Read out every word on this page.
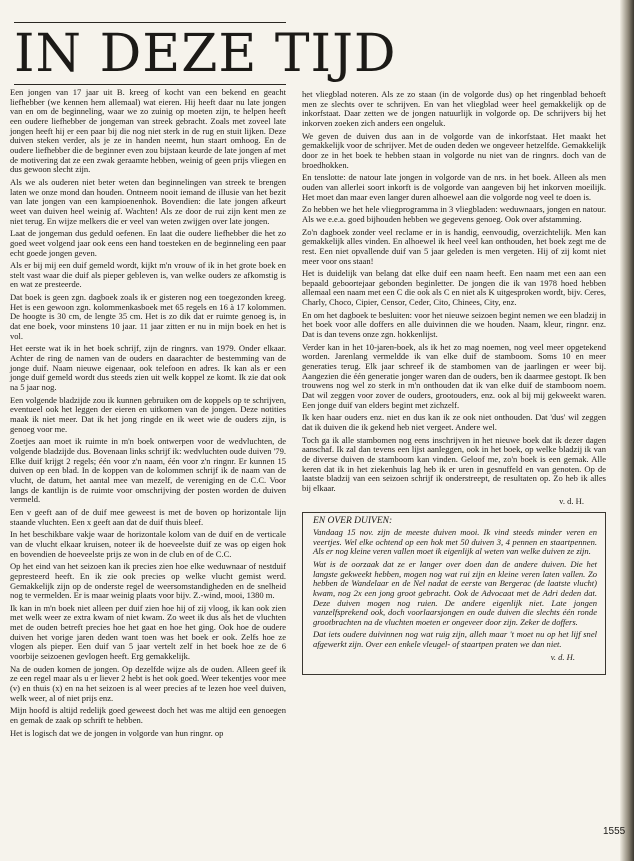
IN DEZE TIJD

Een jongen van 17 jaar uit B. kreeg of kocht van een bekend en geacht liefhebber (we kennen hem allemaal) wat eieren. Hij heeft daar nu late jongen van en om de beginneling, waar we zo zuinig op moeten zijn, te helpen heeft een oudere liefhebber de jongeman van streek gebracht. Zoals met zoveel late jongen heeft hij er een paar bij die nog niet sterk in de rug en stuit lijken. Deze duiven steken verder, als je ze in handen neemt, hun staart omhoog. En de oudere liefhebber die de beginner even zou bijstaan keurde de late jongen af met de motivering dat ze een zwak geraamte hebben, weinig of geen prijs vliegen en dus gewoon slecht zijn.

Als we als ouderen niet beter weten dan beginnelingen van streek te brengen laten we onze mond dan houden. Ontneem nooit iemand de illusie van het bezit van late jongen van een kampioenenhok. Bovendien: die late jongen afkeurt weet van duiven heel weinig af. Wachten! Als ze door de rui zijn kent men ze niet terug. En wijze melkers die er veel van weten zwijgen over late jongen.

Laat de jongeman dus geduld oefenen. En laat die oudere liefhebber die het zo goed weet volgend jaar ook eens een hand toesteken en de beginneling een paar echt goede jongen geven.

Als er bij mij een duif gemeld wordt, kijkt m'n vrouw of ik in het grote boek en stelt vast waar die duif als pieper gebleven is, van welke ouders ze afkomstig is en wat ze presteerde.

Dat boek is geen zgn. dagboek zoals ik er gisteren nog een toegezonden kreeg. Het is een gewoon zgn. kolommenkasboek met 65 regels en 16 à 17 kolommen. De hoogte is 30 cm, de lengte 35 cm. Het is zo dik dat er ruimte genoeg is, in dat ene boek, voor minstens 10 jaar. 11 jaar zitten er nu in mijn boek en het is vol.

Het eerste wat ik in het boek schrijf, zijn de ringnrs. van 1979. Onder elkaar. Achter de ring de namen van de ouders en daarachter de bestemming van de jonge duif. Naam nieuwe eigenaar, ook telefoon en adres. Ik kan als er een jonge duif gemeld wordt dus steeds zien uit welk koppel ze komt. Ik zie dat ook na 5 jaar nog.

Een volgende bladzijde zou ik kunnen gebruiken om de koppels op te schrijven, eventueel ook het leggen der eieren en uitkomen van de jongen. Deze notities maak ik niet meer. Dat ik het jong ringde en ik weet wie de ouders zijn, is genoeg voor me.

Zoetjes aan moet ik ruimte in m'n boek ontwerpen voor de wedvluchten, de volgende bladzijde dus. Bovenaan links schrijf ik: wedvluchten oude duiven '79. Elke duif krijgt 2 regels; één voor z'n naam, één voor z'n ringnr. Er kunnen 15 duiven op een blad. In de koppen van de kolommen schrijf ik de naam van de vlucht, de datum, het aantal mee van mezelf, de vereniging en de C.C. Voor langs de kantlijn is de ruimte voor omschrijving der posten worden de duiven vermeld.

Een v geeft aan of de duif mee geweest is met de boven op horizontale lijn staande vluchten. Een x geeft aan dat de duif thuis bleef.

In het beschikbare vakje waar de horizontale kolom van de duif en de verticale van de vlucht elkaar kruisen, noteer ik de hoeveelste duif ze was op eigen hok en bovendien de hoeveelste prijs ze won in de club en of de C.C.

Op het eind van het seizoen kan ik precies zien hoe elke weduwnaar of nestduif gepresteerd heeft. En ik zie ook precies op welke vlucht gemist werd. Gemakkelijk zijn op de onderste regel de weersomstandigheden en de snelheid nog te vermelden. Er is maar weinig plaats voor bijv. Z.-wind, mooi, 1380 m.

Ik kan in m'n boek niet alleen per duif zien hoe hij of zij vloog, ik kan ook zien met welk weer ze extra kwam of niet kwam. Zo weet ik dus als het de vluchten met de ouden betreft precies hoe het gaat en hoe het ging. Ook hoe de oudere duiven het vorige jaren deden want toen was het boek er ook. Zelfs hoe ze vlogen als pieper. Een duif van 5 jaar vertelt zelf in het boek hoe ze de 6 voorbije seizoenen gevlogen heeft. Erg gemakkelijk.

Na de ouden komen de jongen. Op dezelfde wijze als de ouden. Alleen geef ik ze een regel maar als u er liever 2 hebt is het ook goed. Weer tekentjes voor mee (v) en thuis (x) en na het seizoen is al weer precies af te lezen hoe veel duiven, welk weer, al of niet prijs enz.

Mijn hoofd is altijd redelijk goed geweest doch het was me altijd een genoegen en gemak de zaak op schrift te hebben.

Het is logisch dat we de jongen in volgorde van hun ringnr. op

het vliegblad noteren. Als ze zo staan (in de volgorde dus) op het ringenblad behoeft men ze slechts over te schrijven. En van het vliegblad weer heel gemakkelijk op de inkorfstaat. Daar zetten we de jongen natuurlijk in volgorde op. De schrijvers bij het inkorven zoeken zich anders een ongeluk.

We geven de duiven dus aan in de volgorde van de inkorfstaat. Het maakt het gemakkelijk voor de schrijver. Met de ouden deden we ongeveer hetzelfde. Gemakkelijk door ze in het boek te hebben staan in volgorde nu niet van de ringnrs. doch van de broedhokken.

En tenslotte: de natour late jongen in volgorde van de nrs. in het boek. Alleen als men ouden van allerlei soort inkorft is de volgorde van aangeven bij het inkorven moeilijk. Het moet dan maar even langer duren alhoewel aan die volgorde nog veel te doen is.

Zo hebben we het hele vliegprogramma in 3 vliegbladen: weduwnaars, jongen en natour. Als we e.e.a. goed bijhouden hebben we gegevens genoeg. Ook over afstamming.

Zo'n dagboek zonder veel reclame er in is handig, eenvoudig, overzichtelijk. Men kan gemakkelijk alles vinden. En alhoewel ik heel veel kan onthouden, het boek zegt me de rest. Een niet opvallende duif van 5 jaar geleden is men vergeten. Hij of zij komt niet meer voor ons staan!

Het is duidelijk van belang dat elke duif een naam heeft. Een naam met een aan een bepaald geboortejaar gebonden beginletter. De jongen die ik van 1978 hoed hebben allemaal een naam met een C die ook als C en niet als K uitgesproken wordt, bijv. Ceres, Charly, Choco, Cipier, Censor, Ceder, Cito, Chinees, City, enz.

En om het dagboek te besluiten: voor het nieuwe seizoen begint nemen we een bladzij in het boek voor alle doffers en alle duivinnen die we houden. Naam, kleur, ringnr. enz. Dat is dan tevens onze zgn. hokkenlijst.

Verder kan in het 10-jaren-boek, als ik het zo mag noemen, nog veel meer opgetekend worden. Jarenlang vermeldde ik van elke duif de stamboom. Soms 10 en meer generaties terug. Elk jaar schreef ik de stambomen van de jaarlingen er weer bij. Aangezien die één generatie jonger waren dan de ouders, ben ik daarmee gestopt. Ik ben trouwens nog wel zo sterk in m'n onthouden dat ik van elke duif de stamboom noem. Dat wil zeggen voor zover de ouders, grootouders, enz. ook al bij mij gekweekt waren. Een jonge duif van elders begint met zichzelf.

Ik ken haar ouders enz. niet en dus kan ik ze ook niet onthouden. Dat 'dus' wil zeggen dat ik duiven die ik gekend heb niet vergeet. Andere wel.

Toch ga ik alle stambomen nog eens inschrijven in het nieuwe boek dat ik dezer dagen aanschaf. Ik zal dan tevens een lijst aanleggen, ook in het boek, op welke bladzij ik van de diverse duiven de stamboom kan vinden. Geloof me, zo'n boek is een gemak. Alle keren dat ik in het ziekenhuis lag heb ik er uren in gesnuffeld en van genoten. Op de laatste bladzij van een seizoen schrijf ik onderstreept, de resultaten op. Zo heb ik alles bij elkaar.

v. d. H.
EN OVER DUIVEN:

Vandaag 15 nov. zijn de meeste duiven mooi. Ik vind steeds minder veren en veertjes. Wel elke ochtend op een hok met 50 duiven 3, 4 pennen en staartpennen. Als er nog kleine veren vallen moet ik eigenlijk al weten van welke duiven ze zijn.

Wat is de oorzaak dat ze er langer over doen dan de andere duiven. Die het langste gekweekt hebben, mogen nog wat rui zijn en kleine veren laten vallen. Zo hebben de Wandelaar en de Nel nadat de eerste van Bergerac (de laatste vlucht) kwam, nog 2x een jong groot gebracht. Ook de Advocaat met de Adri deden dat. Deze duiven mogen nog ruien. De andere eigenlijk niet. Late jongen vanzelfsprekend ook, doch voorlaarsjongen en oude duiven die slechts één ronde grootbrachten na de vluchten moeten er ongeveer door zijn. Zeker de doffers.

Dat iets oudere duivinnen nog wat ruig zijn, alleh maar 't moet nu op het lijf snel afgewerkt zijn. Over een enkele vleugel- of staartpen praten we dan niet.

v. d. H.
1555
